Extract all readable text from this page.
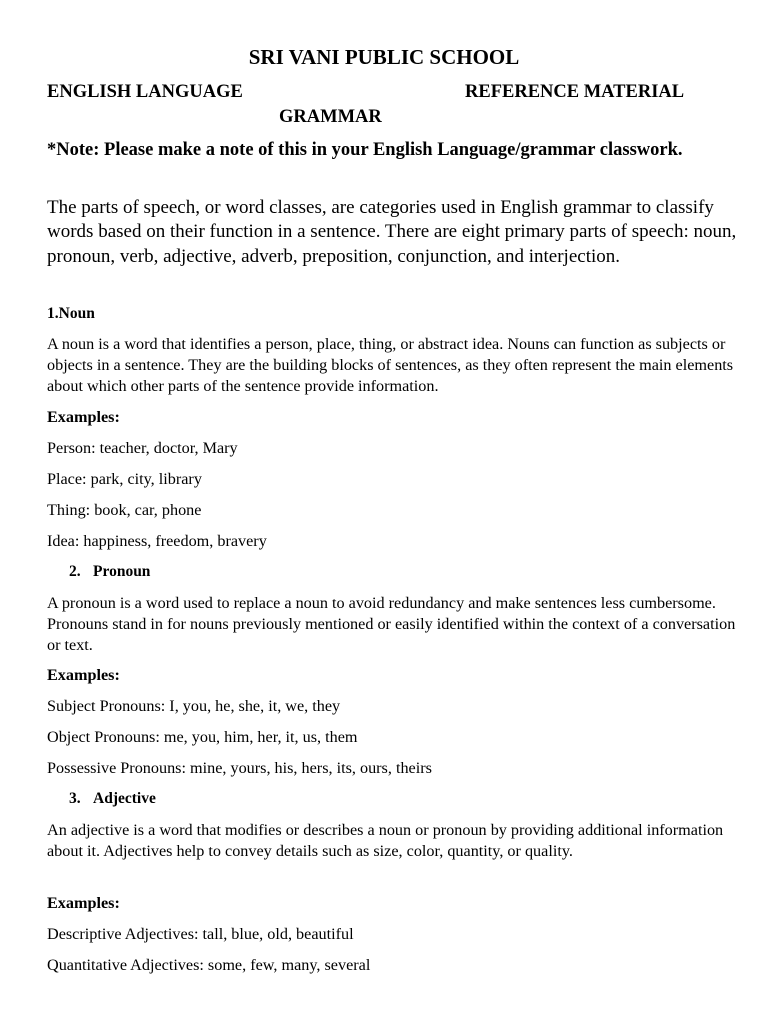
SRI VANI PUBLIC SCHOOL
ENGLISH LANGUAGE	REFERENCE MATERIAL
GRAMMAR
*Note: Please make a note of this in your English Language/grammar classwork.
The parts of speech, or word classes, are categories used in English grammar to classify words based on their function in a sentence. There are eight primary parts of speech: noun, pronoun, verb, adjective, adverb, preposition, conjunction, and interjection.
1.Noun
A noun is a word that identifies a person, place, thing, or abstract idea. Nouns can function as subjects or objects in a sentence. They are the building blocks of sentences, as they often represent the main elements about which other parts of the sentence provide information.
Examples:
Person: teacher, doctor, Mary
Place: park, city, library
Thing: book, car, phone
Idea: happiness, freedom, bravery
2. Pronoun
A pronoun is a word used to replace a noun to avoid redundancy and make sentences less cumbersome. Pronouns stand in for nouns previously mentioned or easily identified within the context of a conversation or text.
Examples:
Subject Pronouns: I, you, he, she, it, we, they
Object Pronouns: me, you, him, her, it, us, them
Possessive Pronouns: mine, yours, his, hers, its, ours, theirs
3. Adjective
An adjective is a word that modifies or describes a noun or pronoun by providing additional information about it. Adjectives help to convey details such as size, color, quantity, or quality.
Examples:
Descriptive Adjectives: tall, blue, old, beautiful
Quantitative Adjectives: some, few, many, several
